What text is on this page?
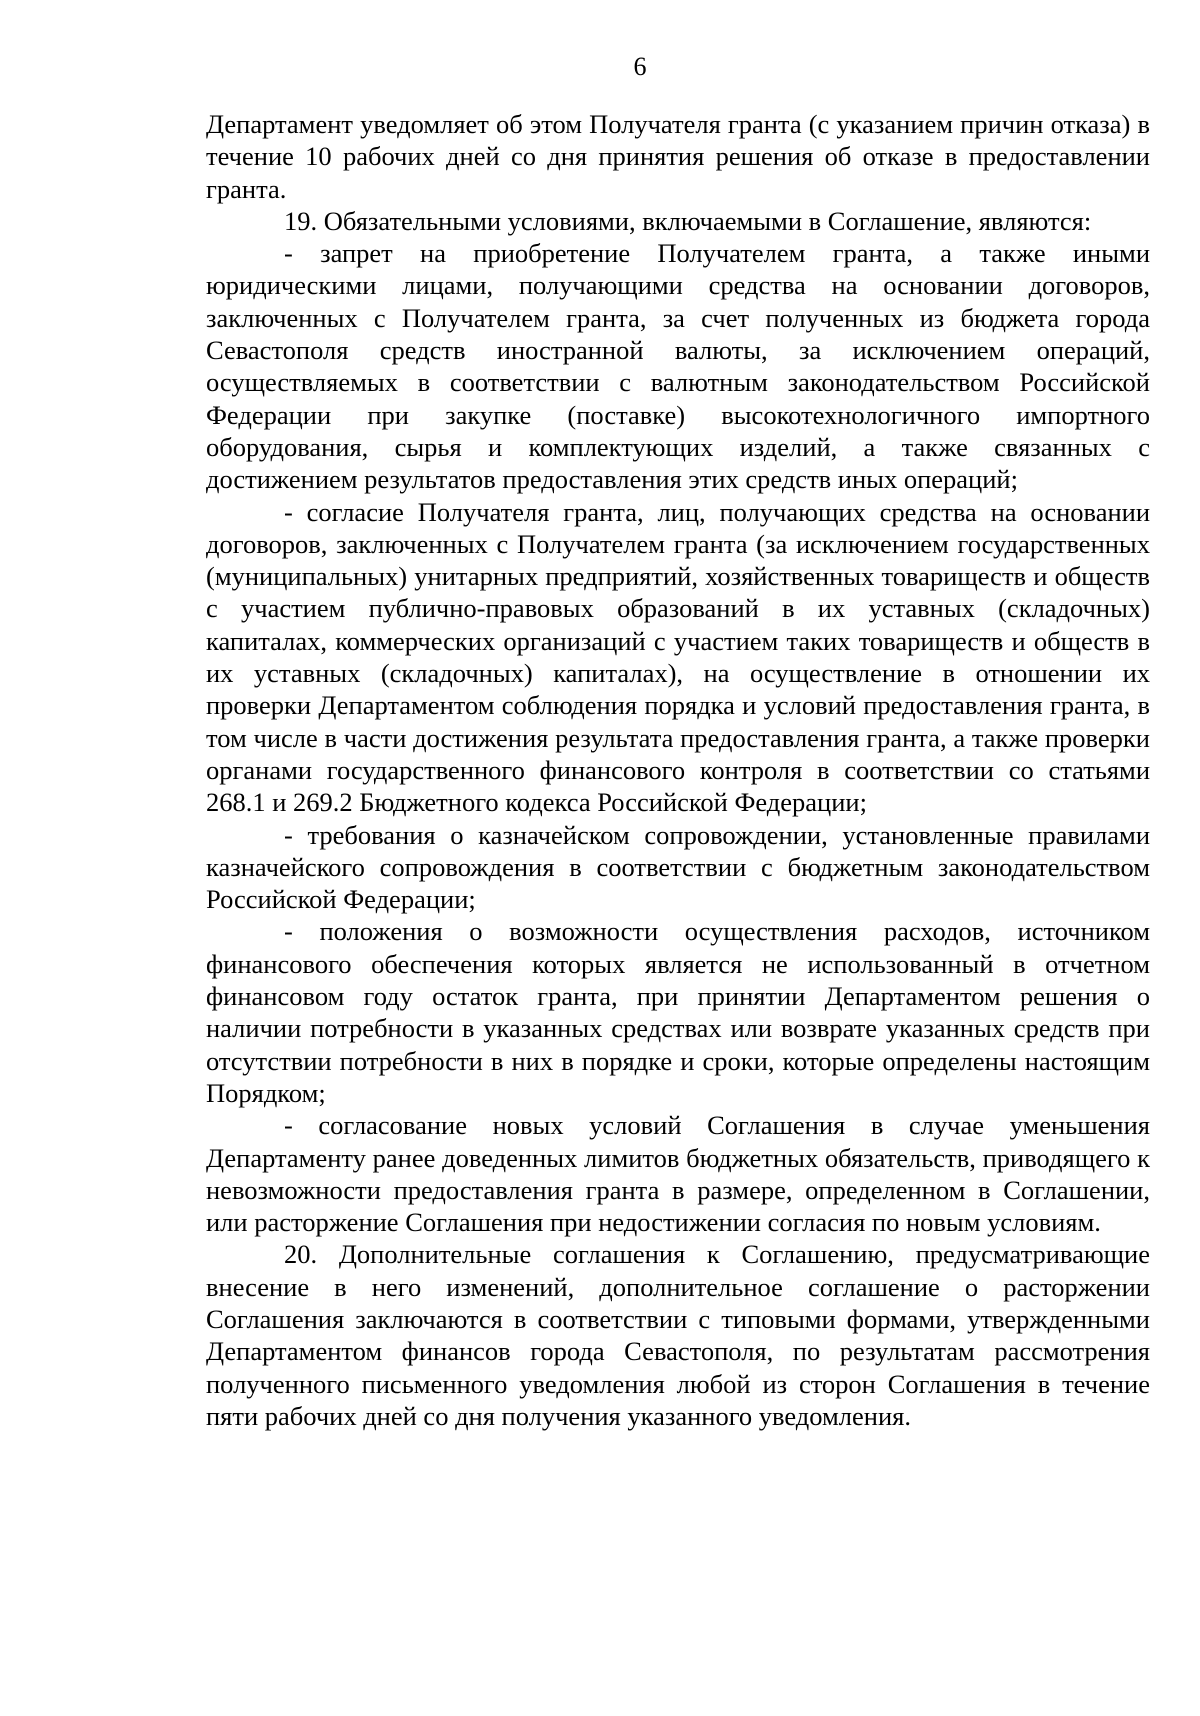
6

Департамент уведомляет об этом Получателя гранта (с указанием причин отказа) в течение 10 рабочих дней со дня принятия решения об отказе в предоставлении гранта.

19. Обязательными условиями, включаемыми в Соглашение, являются:

- запрет на приобретение Получателем гранта, а также иными юридическими лицами, получающими средства на основании договоров, заключенных с Получателем гранта, за счет полученных из бюджета города Севастополя средств иностранной валюты, за исключением операций, осуществляемых в соответствии с валютным законодательством Российской Федерации при закупке (поставке) высокотехнологичного импортного оборудования, сырья и комплектующих изделий, а также связанных с достижением результатов предоставления этих средств иных операций;

- согласие Получателя гранта, лиц, получающих средства на основании договоров, заключенных с Получателем гранта (за исключением государственных (муниципальных) унитарных предприятий, хозяйственных товариществ и обществ с участием публично-правовых образований в их уставных (складочных) капиталах, коммерческих организаций с участием таких товариществ и обществ в их уставных (складочных) капиталах), на осуществление в отношении их проверки Департаментом соблюдения порядка и условий предоставления гранта, в том числе в части достижения результата предоставления гранта, а также проверки органами государственного финансового контроля в соответствии со статьями 268.1 и 269.2 Бюджетного кодекса Российской Федерации;

- требования о казначейском сопровождении, установленные правилами казначейского сопровождения в соответствии с бюджетным законодательством Российской Федерации;

- положения о возможности осуществления расходов, источником финансового обеспечения которых является не использованный в отчетном финансовом году остаток гранта, при принятии Департаментом решения о наличии потребности в указанных средствах или возврате указанных средств при отсутствии потребности в них в порядке и сроки, которые определены настоящим Порядком;

- согласование новых условий Соглашения в случае уменьшения Департаменту ранее доведенных лимитов бюджетных обязательств, приводящего к невозможности предоставления гранта в размере, определенном в Соглашении, или расторжение Соглашения при недостижении согласия по новым условиям.

20. Дополнительные соглашения к Соглашению, предусматривающие внесение в него изменений, дополнительное соглашение о расторжении Соглашения заключаются в соответствии с типовыми формами, утвержденными Департаментом финансов города Севастополя, по результатам рассмотрения полученного письменного уведомления любой из сторон Соглашения в течение пяти рабочих дней со дня получения указанного уведомления.
